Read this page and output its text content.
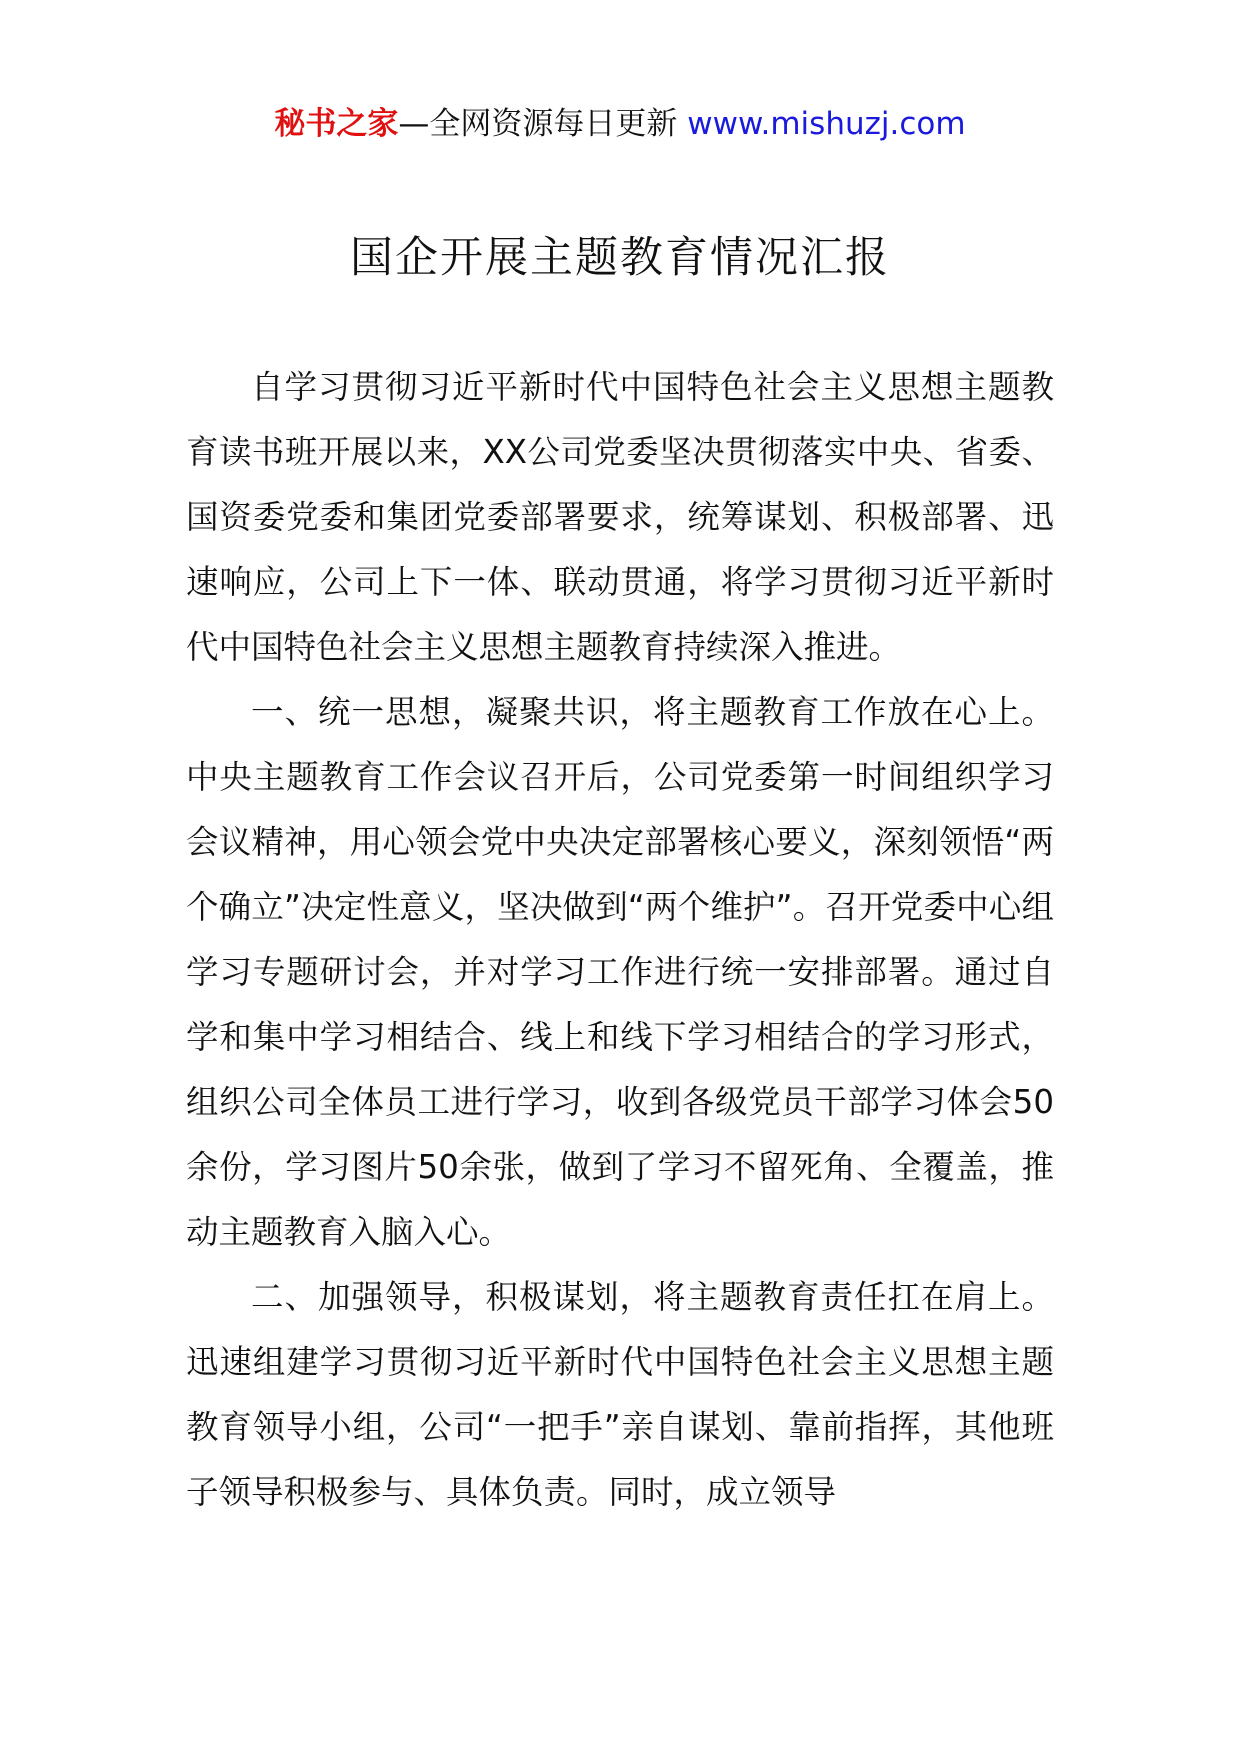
秘书之家—全网资源每日更新 www.mishuzj.com
国企开展主题教育情况汇报

自学习贯彻习近平新时代中国特色社会主义思想主题教育读书班开展以来，XX公司党委坚决贯彻落实中央、省委、国资委党委和集团党委部署要求，统筹谋划、积极部署、迅速响应，公司上下一体、联动贯通，将学习贯彻习近平新时代中国特色社会主义思想主题教育持续深入推进。

一、统一思想，凝聚共识，将主题教育工作放在心上。中央主题教育工作会议召开后，公司党委第一时间组织学习会议精神，用心领会党中央决定部署核心要义，深刻领悟“两个确立”决定性意义，坚决做到“两个维护”。召开党委中心组学习专题研讨会，并对学习工作进行统一安排部署。通过自学和集中学习相结合、线上和线下学习相结合的学习形式，组织公司全体员工进行学习，收到各级党员干部学习体会50余份，学习图片50余张，做到了学习不留死角、全覆盖，推动主题教育入脑入心。

二、加强领导，积极谋划，将主题教育责任扛在肩上。迅速组建学习贯彻习近平新时代中国特色社会主义思想主题教育领导小组，公司“一把手”亲自谋划、靠前指挥，其他班子领导积极参与、具体负责。同时，成立领导
